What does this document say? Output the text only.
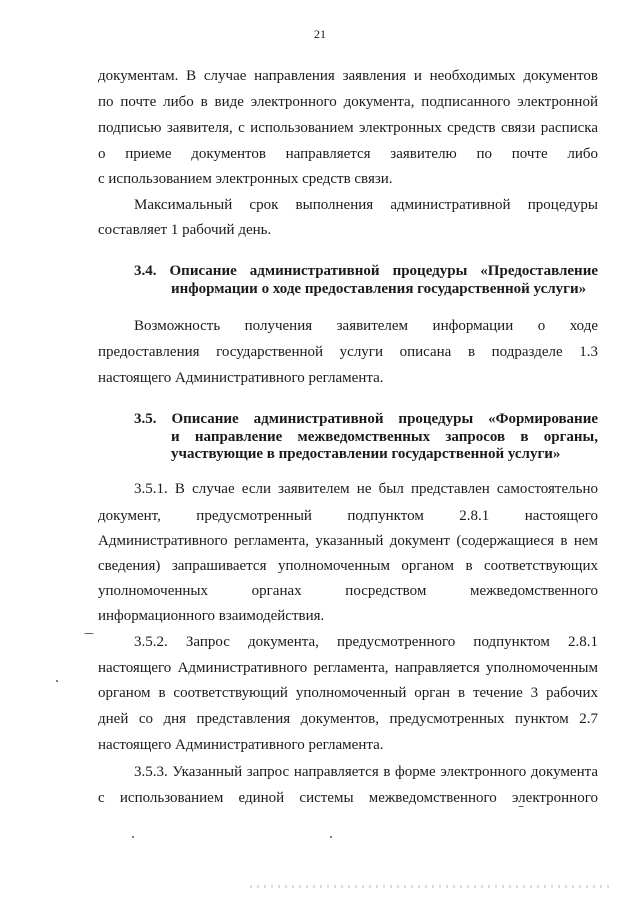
21
документам. В случае направления заявления и необходимых документов
по почте либо в виде электронного документа, подписанного электронной
подписью заявителя, с использованием электронных средств связи расписка
о приеме документов направляется заявителю по почте либо
с использованием электронных средств связи.
Максимальный срок выполнения административной процедуры
составляет 1 рабочий день.
3.4. Описание административной процедуры «Предоставление
информации о ходе предоставления государственной услуги»
Возможность получения заявителем информации о ходе
предоставления государственной услуги описана в подразделе 1.3
настоящего Административного регламента.
3.5. Описание административной процедуры «Формирование
и направление межведомственных запросов в органы,
участвующие в предоставлении государственной услуги»
3.5.1. В случае если заявителем не был представлен самостоятельно
документ, предусмотренный подпунктом 2.8.1 настоящего
Административного регламента, указанный документ (содержащиеся в нем
сведения) запрашивается уполномоченным органом в соответствующих
уполномоченных органах посредством межведомственного
информационного взаимодействия.
3.5.2. Запрос документа, предусмотренного подпунктом 2.8.1
настоящего Административного регламента, направляется уполномоченным
органом в соответствующий уполномоченный орган в течение 3 рабочих
дней со дня представления документов, предусмотренных пунктом 2.7
настоящего Административного регламента.
3.5.3. Указанный запрос направляется в форме электронного документа
с использованием единой системы межведомственного электронного
